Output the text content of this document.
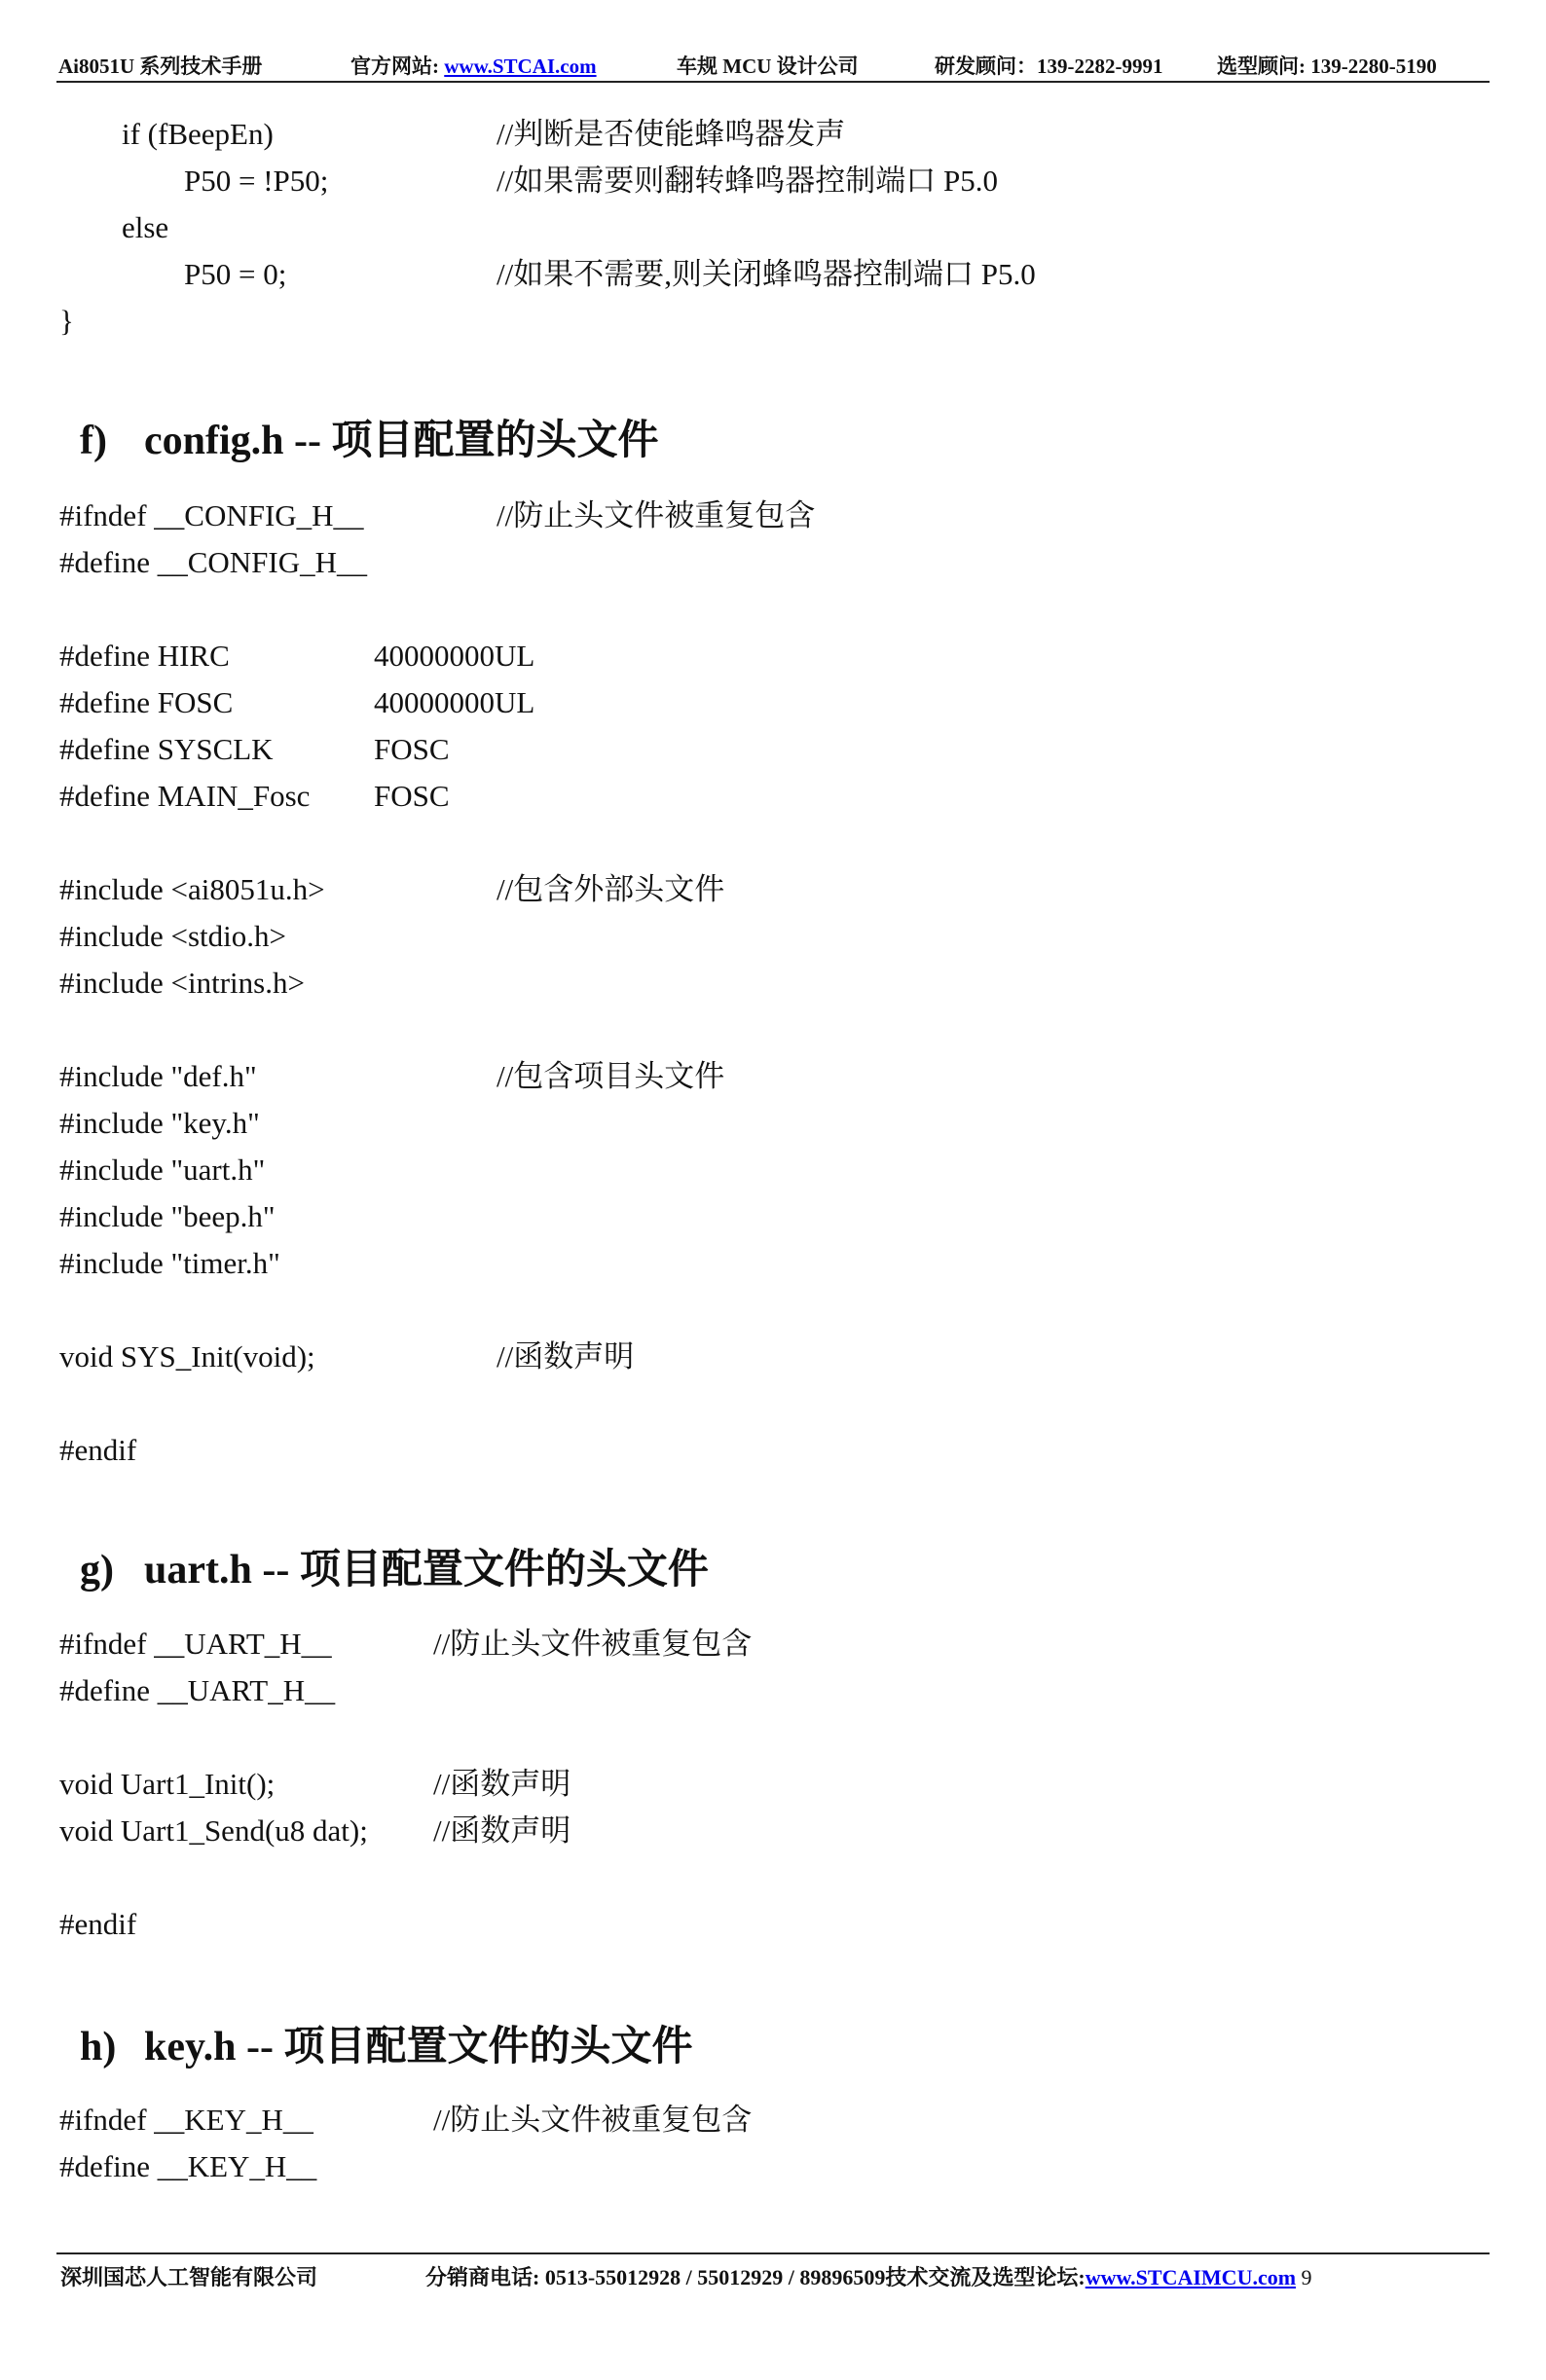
Ai8051U 系列技术手册	官方网站: www.STCAI.com	车规 MCU 设计公司	研发顾问：139-2282-9991	选型顾问: 139-2280-5190

if (fBeepEn)	//判断是否使能蜂鸣器发声

P50 = !P50;	//如果需要则翻转蜂鸣器控制端口 P5.0

else

P50 = 0;	//如果不需要,则关闭蜂鸣器控制端口 P5.0

}

f) config.h -- 项目配置的头文件

#ifndef __CONFIG_H__	//防止头文件被重复包含

#define __CONFIG_H__

#define HIRC	40000000UL

#define FOSC	40000000UL

#define SYSCLK	FOSC

#define MAIN_Fosc FOSC

#include <ai8051u.h>	//包含外部头文件

#include <stdio.h>

#include <intrins.h>

#include "def.h"	//包含项目头文件

#include "key.h"

#include "uart.h"

#include "beep.h"

#include "timer.h"

void SYS_Init(void);	//函数声明

#endif

g) uart.h -- 项目配置文件的头文件

#ifndef __UART_H__	//防止头文件被重复包含

#define __UART_H__

void Uart1_Init();	//函数声明

void Uart1_Send(u8 dat); //函数声明

#endif

h) key.h -- 项目配置文件的头文件

#ifndef __KEY_H__	//防止头文件被重复包含

#define __KEY_H__

深圳国芯人工智能有限公司	分销商电话: 0513-55012928 / 55012929 / 89896509技术交流及选型论坛:www.STCAIMCU.com 9
